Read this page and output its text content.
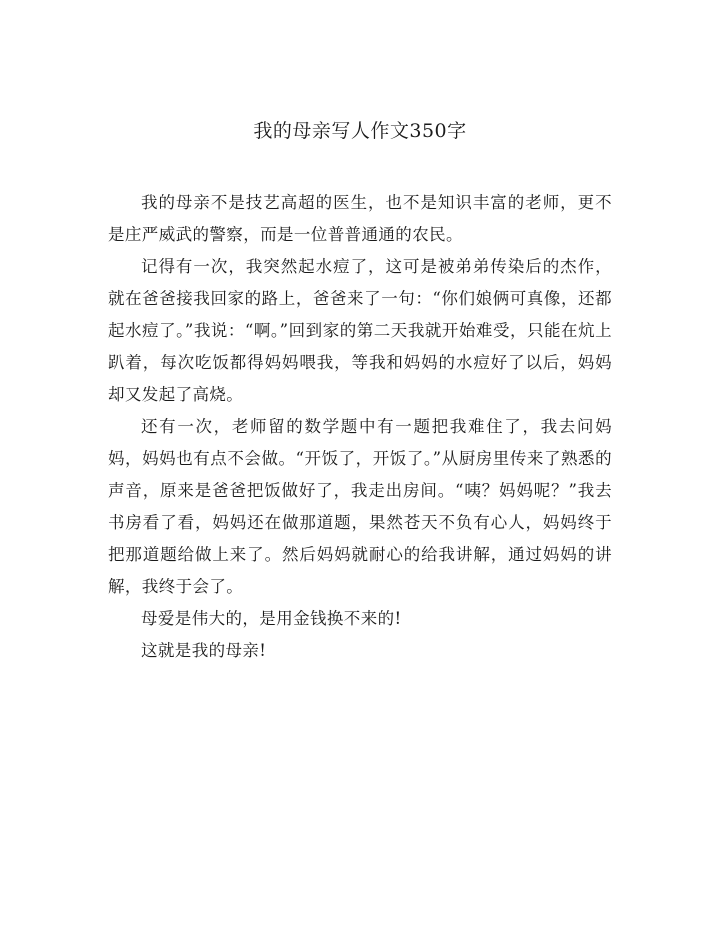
我的母亲写人作文350字

我的母亲不是技艺高超的医生，也不是知识丰富的老师，更不是庄严威武的警察，而是一位普普通通的农民。

记得有一次，我突然起水痘了，这可是被弟弟传染后的杰作，就在爸爸接我回家的路上，爸爸来了一句：“你们娘俩可真像，还都起水痘了。”我说：“啊。”回到家的第二天我就开始难受，只能在炕上趴着，每次吃饭都得妈妈喂我，等我和妈妈的水痘好了以后，妈妈却又发起了高烧。

还有一次，老师留的数学题中有一题把我难住了，我去问妈妈，妈妈也有点不会做。“开饭了，开饭了。”从厨房里传来了熟悉的声音，原来是爸爸把饭做好了，我走出房间。“咦？妈妈呢？”我去书房看了看，妈妈还在做那道题，果然苍天不负有心人，妈妈终于把那道题给做上来了。然后妈妈就耐心的给我讲解，通过妈妈的讲解，我终于会了。

母爱是伟大的，是用金钱换不来的!

这就是我的母亲!
